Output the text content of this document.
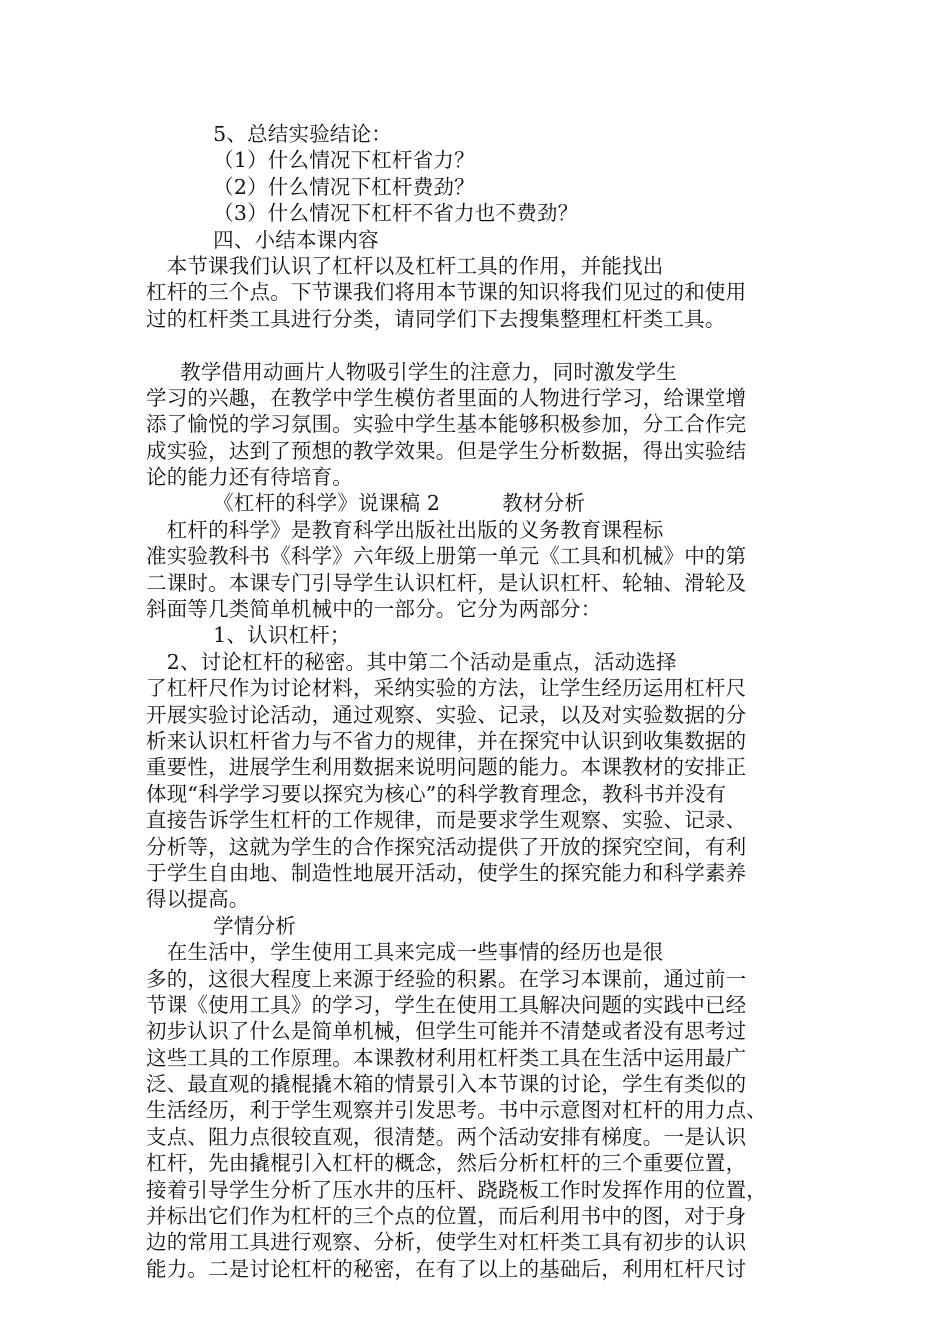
5、总结实验结论：
（1）什么情况下杠杆省力？
（2）什么情况下杠杆费劲？
（3）什么情况下杠杆不省力也不费劲？
四、小结本课内容
　本节课我们认识了杠杆以及杠杆工具的作用，并能找出
杠杆的三个点。下节课我们将用本节课的知识将我们见过的和使用
过的杠杆类工具进行分类，请同学们下去搜集整理杠杆类工具。
　教学借用动画片人物吸引学生的注意力，同时激发学生
学习的兴趣，在教学中学生模仿者里面的人物进行学习，给课堂增
添了愉悦的学习氛围。实验中学生基本能够积极参加，分工合作完
成实验，达到了预想的教学效果。但是学生分析数据，得出实验结
论的能力还有待培育。
《杠杆的科学》说课稿 2　　　教材分析
　杠杆的科学》是教育科学出版社出版的义务教育课程标
准实验教科书《科学》六年级上册第一单元《工具和机械》中的第
二课时。本课专门引导学生认识杠杆，是认识杠杆、轮轴、滑轮及
斜面等几类简单机械中的一部分。它分为两部分：
1、认识杠杆；
　2、讨论杠杆的秘密。其中第二个活动是重点，活动选择
了杠杆尺作为讨论材料，采纳实验的方法，让学生经历运用杠杆尺
开展实验讨论活动，通过观察、实验、记录，以及对实验数据的分
析来认识杠杆省力与不省力的规律，并在探究中认识到收集数据的
重要性，进展学生利用数据来说明问题的能力。本课教材的安排正
体现“科学学习要以探究为核心”的科学教育理念，教科书并没有
直接告诉学生杠杆的工作规律，而是要求学生观察、实验、记录、
分析等，这就为学生的合作探究活动提供了开放的探究空间，有利
于学生自由地、制造性地展开活动，使学生的探究能力和科学素养
得以提高。
学情分析
　在生活中，学生使用工具来完成一些事情的经历也是很
多的，这很大程度上来源于经验的积累。在学习本课前，通过前一
节课《使用工具》的学习，学生在使用工具解决问题的实践中已经
初步认识了什么是简单机械，但学生可能并不清楚或者没有思考过
这些工具的工作原理。本课教材利用杠杆类工具在生活中运用最广
泛、最直观的撬棍撬木箱的情景引入本节课的讨论，学生有类似的
生活经历，利于学生观察并引发思考。书中示意图对杠杆的用力点、
支点、阻力点很较直观，很清楚。两个活动安排有梯度。一是认识
杠杆，先由撬棍引入杠杆的概念，然后分析杠杆的三个重要位置，
接着引导学生分析了压水井的压杆、跷跷板工作时发挥作用的位置，
并标出它们作为杠杆的三个点的位置，而后利用书中的图，对于身
边的常用工具进行观察、分析，使学生对杠杆类工具有初步的认识
能力。二是讨论杠杆的秘密，在有了以上的基础后，利用杠杆尺讨
